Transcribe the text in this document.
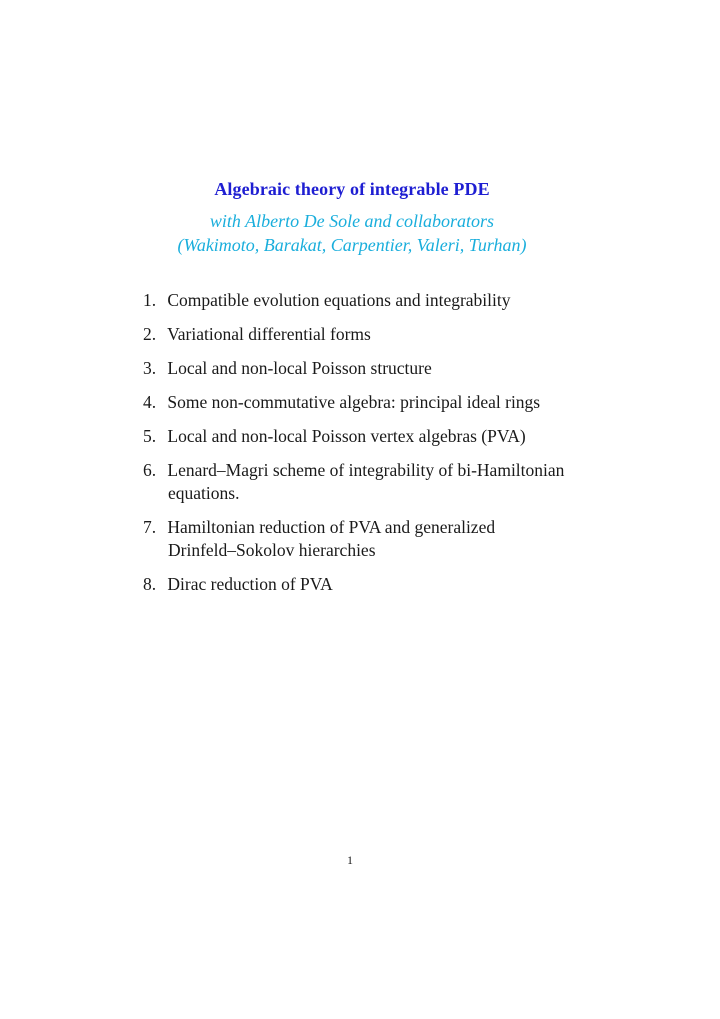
Algebraic theory of integrable PDE
with Alberto De Sole and collaborators
(Wakimoto, Barakat, Carpentier, Valeri, Turhan)
1. Compatible evolution equations and integrability
2. Variational differential forms
3. Local and non-local Poisson structure
4. Some non-commutative algebra: principal ideal rings
5. Local and non-local Poisson vertex algebras (PVA)
6. Lenard–Magri scheme of integrability of bi-Hamiltonian
equations.
7. Hamiltonian reduction of PVA and generalized
Drinfeld–Sokolov hierarchies
8. Dirac reduction of PVA
1
